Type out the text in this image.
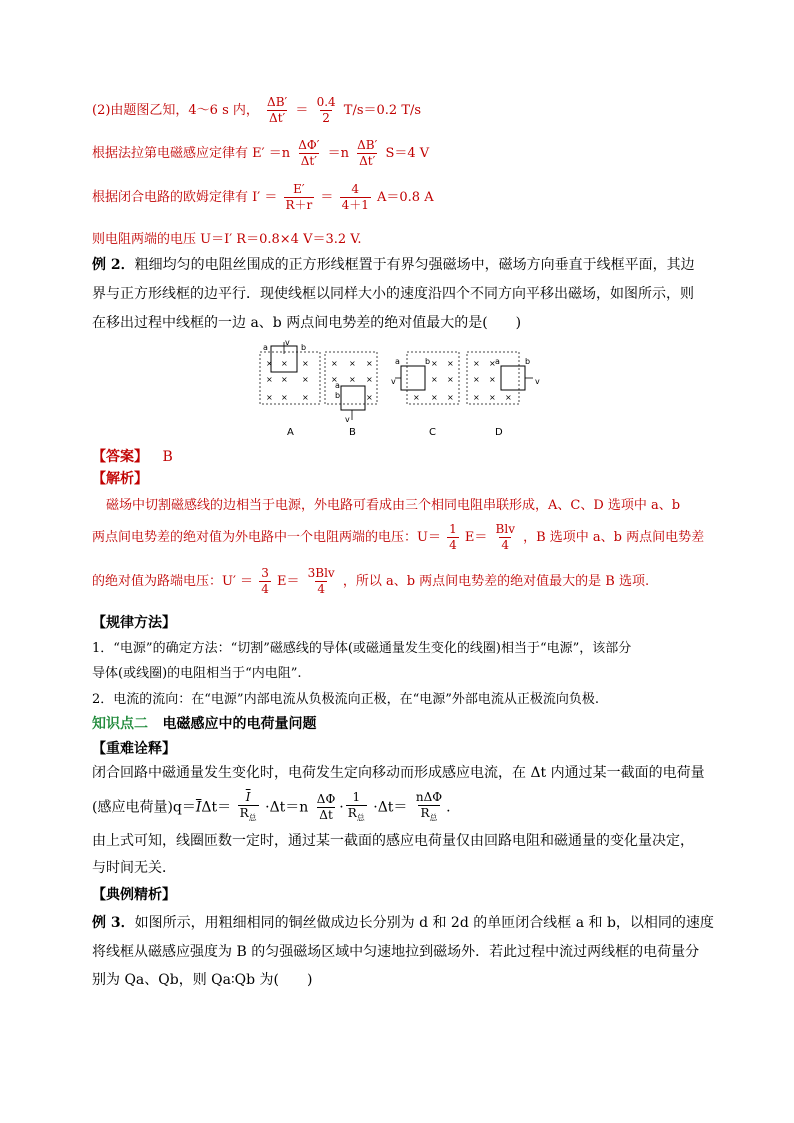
(2)由题图乙知，4～6 s 内， $\frac{\Delta B'}{\Delta t'} = \frac{0.4}{2} T/s=0.2$ T/s
根据法拉第电磁感应定律有 $E' =n \frac{\Delta\Phi'}{\Delta t'} =n \frac{\Delta B'}{\Delta t'} S=4$ V
根据闭合电路的欧姆定律有 $I' = \frac{E'}{R+r} = \frac{4}{4+1} A=0.8$ A
则电阻两端的电压 U＝I′ R＝0.8×4 V＝3.2 V.
例 2．粗细均匀的电阻丝围成的正方形线框置于有界匀强磁场中，磁场方向垂直于线框平面，其边
界与正方形线框的边平行．现使线框以同样大小的速度沿四个不同方向平移出磁场，如图所示，则
在移出过程中线框的一边 a、b 两点间电势差的绝对值最大的是(　　)
a	b
v
× × ×
× × ×
× × ×
a
b
v
× × ×
× × ×
×
a	b
v
× ×
× ×
× × ×
a	b
v
× ×
× ×
× × ×
A	B	C	D
【答案】 B
【解析】
磁场中切割磁感线的边相当于电源，外电路可看成由三个相同电阻串联形成，A、C、D 选项中 a、b
两点间电势差的绝对值为外电路中一个电阻两端的电压：$U= \frac{1}{4} E= \frac{\text{Blv}}{4}$ ，B 选项中 a、b 两点间电势差
的绝对值为路端电压：$U' = \frac{3}{4} E= \frac{\text{3Blv}}{4}$ ，所以 a、b 两点间电势差的绝对值最大的是 B 选项.
【规律方法】
1．“电源”的确定方法：“切割”磁感线的导体(或磁通量发生变化的线圈)相当于“电源”，该部分
导体(或线圈)的电阻相当于“内电阻”.
2．电流的流向：在“电源”内部电流从负极流向正极，在“电源”外部电流从正极流向负极.
知识点二 电磁感应中的电荷量问题
【重难诠释】
闭合回路中磁通量发生变化时，电荷发生定向移动而形成感应电流，在 Δt 内通过某一截面的电荷量
(感应电荷量)$q=\overline{I}\Delta t= \frac{\overline{I}}{R_总} \cdot\Delta t=n \frac{\Delta\Phi}{\Delta t} \cdot \frac{1}{R_总} \cdot\Delta t= \frac{\text{nΔΦ}}{R_总}$ .
由上式可知，线圈匝数一定时，通过某一截面的感应电荷量仅由回路电阻和磁通量的变化量决定，
与时间无关．
【典例精析】
例 3．如图所示，用粗细相同的铜丝做成边长分别为 d 和 2d 的单匝闭合线框 a 和 b，以相同的速度
将线框从磁感应强度为 B 的匀强磁场区域中匀速地拉到磁场外．若此过程中流过两线框的电荷量分
别为 Qa、Qb，则 Qa∶Qb 为(　　)
